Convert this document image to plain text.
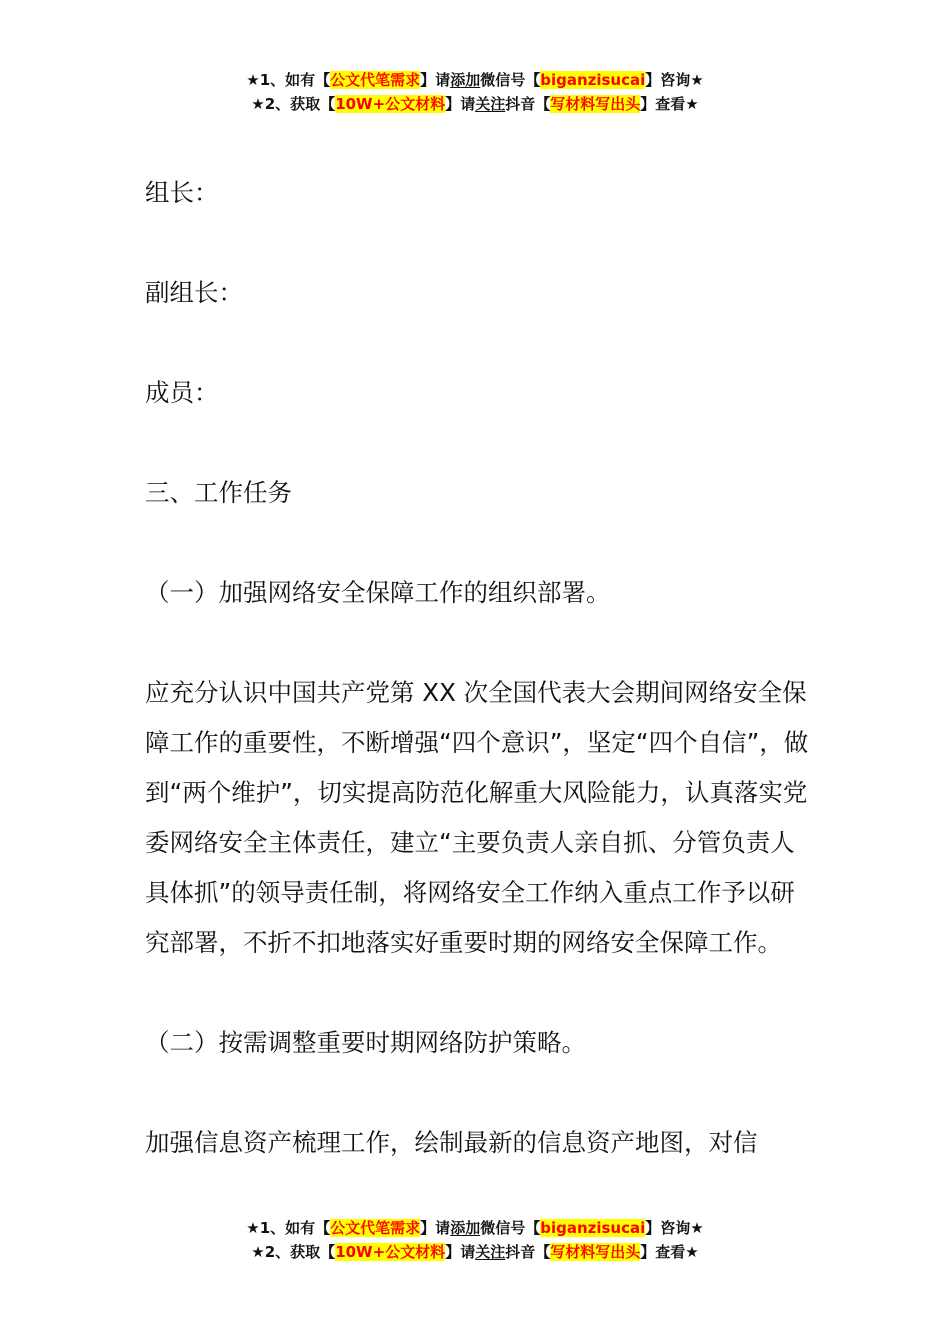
★1、如有【公文代笔需求】请添加微信号【biganzisucai】咨询★
★2、获取【10W+公文材料】请关注抖音【写材料写出头】查看★

组长：

副组长：

成员：

三、工作任务

（一）加强网络安全保障工作的组织部署。

应充分认识中国共产党第 XX 次全国代表大会期间网络安全保障工作的重要性，不断增强“四个意识”，坚定“四个自信”，做到“两个维护”，切实提高防范化解重大风险能力，认真落实党委网络安全主体责任，建立“主要负责人亲自抓、分管负责人具体抓”的领导责任制，将网络安全工作纳入重点工作予以研究部署，不折不扣地落实好重要时期的网络安全保障工作。

（二）按需调整重要时期网络防护策略。

加强信息资产梳理工作，绘制最新的信息资产地图，对信

★1、如有【公文代笔需求】请添加微信号【biganzisucai】咨询★
★2、获取【10W+公文材料】请关注抖音【写材料写出头】查看★
